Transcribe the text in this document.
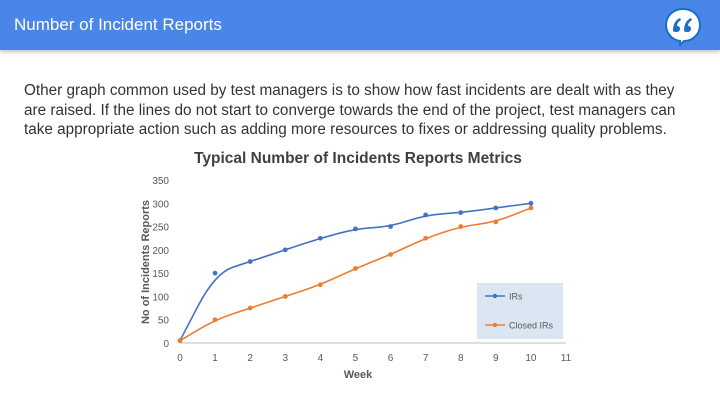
Number of Incident Reports
Other graph common used by test managers is to show how fast incidents are dealt with as they are raised. If the lines do not start to converge towards the end of the project, test managers can take appropriate action such as adding more resources to fixes or addressing quality problems.
Typical Number of Incidents Reports Metrics
0
50
100
150
200
250
300
350
0	1	2	3	4	5	6	7	8	9	10 11
Week
No of Incidents Reports	IRs
Closed IRs
